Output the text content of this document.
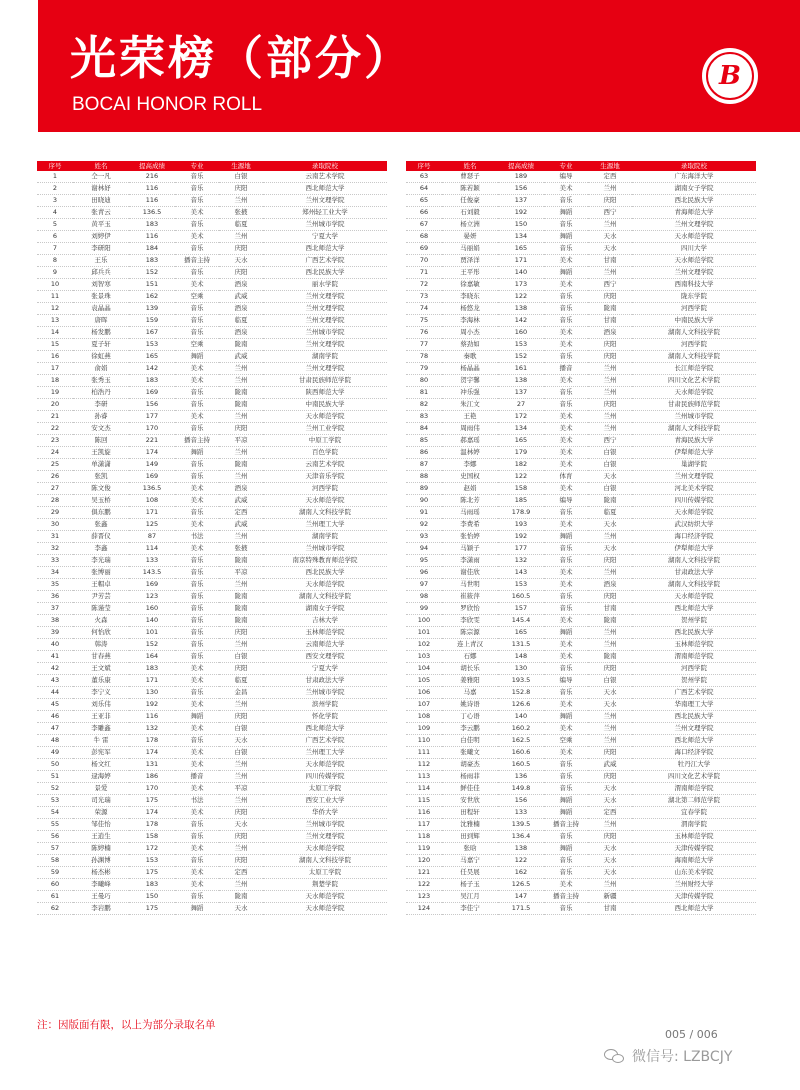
光荣榜（部分）
BOCAI HONOR ROLL
B
序号	姓名	提高成绩	专业	生源地	录取院校
1	仝一凡	216	音乐	白银	云南艺术学院
2	谢林妤	116	音乐	庆阳	西北师范大学
3	田晓迪	116	音乐	兰州	兰州文理学院
4	张青云	136.5	美术	张掖	郑州轻工业大学
5	黄平玉	183	音乐	临夏	兰州城市学院
6	刘婷伊	116	美术	兰州	宁夏大学
7	李研阳	184	音乐	庆阳	西北师范大学
8	王乐	183	播音主持	天水	广西艺术学院
9	邱兵兵	152	音乐	庆阳	西北民族大学
10	刘智寒	151	美术	酒泉	丽水学院
11	张景珠	162	空乘	武威	兰州文理学院
12	袁晶晶	139	音乐	酒泉	兰州文理学院
13	唐晖	159	音乐	临夏	兰州文理学院
14	杨发鹏	167	音乐	酒泉	兰州城市学院
15	夏子轩	153	空乘	陇南	兰州文理学院
16	徐虹燕	165	舞蹈	武威	湖南学院
17	俞娟	142	美术	兰州	兰州文理学院
18	张秀玉	183	美术	兰州	甘肃民族师范学院
19	柏浩丹	169	音乐	陇南	陕西师范大学
20	李研	156	音乐	陇南	中南民族大学
21	孙睿	177	美术	兰州	天水师范学院
22	安文杰	170	音乐	庆阳	兰州工业学院
23	陈回	221	播音主持	平凉	中原工学院
24	王凯旋	174	舞蹈	兰州	百色学院
25	单潇潇	149	音乐	陇南	云南艺术学院
26	张凯	169	音乐	兰州	天津音乐学院
27	陈文俊	136.5	美术	酒泉	河西学院
28	吴玉桥	108	美术	武威	天水师范学院
29	俱东鹏	171	音乐	定西	湖南人文科技学院
30	张鑫	125	美术	武威	兰州理工大学
31	薛晋仪	87	书法	兰州	湖南学院
32	李鑫	114	美术	张掖	兰州城市学院
33	李光瑞	133	音乐	陇南	南京特殊教育师范学院
34	张博丽	143.5	音乐	平凉	西北民族大学
35	王帽卓	169	音乐	兰州	天水师范学院
36	尹芳芸	123	音乐	陇南	湖南人文科技学院
37	陈谨莹	160	音乐	陇南	湖南女子学院
38	火森	140	音乐	陇南	吉林大学
39	何怡欣	101	音乐	庆阳	玉林师范学院
40	韩涛	152	音乐	兰州	云南师范大学
41	甘春燕	164	音乐	白银	西安文理学院
42	王文斌	183	美术	庆阳	宁夏大学
43	董乐康	171	美术	临夏	甘肃政法大学
44	李宁义	130	音乐	金昌	兰州城市学院
45	刘乐伟	192	美术	兰州	滨州学院
46	王亚非	116	舞蹈	庆阳	怀化学院
47	李雕鑫	132	美术	白银	西北师范大学
48	牛 雷	178	音乐	天水	广西艺术学院
49	彭宪军	174	美术	白银	兰州理工大学
50	杨文红	131	美术	兰州	天水师范学院
51	逯海婷	186	播音	兰州	四川传媒学院
52	景爱	170	美术	平凉	太原工学院
53	司光瑞	175	书法	兰州	西安工业大学
54	荣源	174	美术	庆阳	华侨大学
55	邹佳怡	178	音乐	天水	兰州城市学院
56	王逍生	158	音乐	庆阳	兰州文理学院
57	陈婷楠	172	美术	兰州	天水师范学院
58	孙渊博	153	音乐	庆阳	湖南人文科技学院
59	杨杰彬	175	美术	定西	太原工学院
60	李曦峰	183	美术	兰州	荆楚学院
61	王曼巧	150	音乐	陇南	天水师范学院
62	李岩鹏	175	舞蹈	天水	天水师范学院
序号	姓名	提高成绩	专业	生源地	录取院校
63	曹瑟子	189	编导	定西	广东海洋大学
64	陈若颖	156	美术	兰州	湖南女子学院
65	任俊豪	137	音乐	庆阳	西北民族大学
66	石刘毅	192	舞蹈	西宁	青海师范大学
67	杨立洲	150	音乐	兰州	兰州文理学院
68	晏妍	134	舞蹈	天水	天水师范学院
69	马丽娟	165	音乐	天水	四川大学
70	贾泽洋	171	美术	甘南	天水师范学院
71	王平彤	140	舞蹈	兰州	兰州文理学院
72	徐嘉敏	173	美术	西宁	西南科技大学
73	李晓东	122	音乐	庆阳	陇东学院
74	杨悠龙	138	音乐	陇南	河西学院
75	李海林	142	音乐	甘南	中南民族大学
76	周小杰	160	美术	酒泉	湖南人文科技学院
77	蔡劲如	153	美术	庆阳	河西学院
78	秦歌	152	音乐	庆阳	湖南人文科技学院
79	杨晶晶	161	播音	兰州	长江师范学院
80	贺宇馨	138	美术	兰州	四川文化艺术学院
81	冲乐强	137	音乐	兰州	天水师范学院
82	朱江文	27	音乐	庆阳	甘肃民族师范学院
83	王艳	172	美术	兰州	兰州城市学院
84	周雨伟	134	美术	兰州	湖南人文科技学院
85	郝嘉瑶	165	美术	西宁	青海民族大学
86	温林婷	179	美术	白银	伊犁师范大学
87	李娜	182	美术	白银	巢湖学院
88	史国权	122	体育	天水	兰州文理学院
89	赵娟	158	美术	白银	河北美术学院
90	陈北芳	185	编导	陇南	四川传媒学院
91	马雨瑶	178.9	音乐	临夏	天水师范学院
92	李费希	193	美术	天水	武汉纺织大学
93	张怡婷	192	舞蹈	兰州	海口经济学院
94	马颖子	177	音乐	天水	伊犁师范大学
95	李潇雨	132	音乐	庆阳	湖南人文科技学院
96	谢佳欣	143	美术	兰州	甘肃政法大学
97	马世明	153	美术	酒泉	湖南人文科技学院
98	崔筱萍	160.5	音乐	庆阳	天水师范学院
99	罗欣怡	157	音乐	甘南	西北师范大学
100	李欣雯	145.4	美术	陇南	贺州学院
101	陈宗源	165	舞蹈	兰州	西北民族大学
102	连上青汉	131.5	美术	兰州	玉林师范学院
103	石娜	148	美术	陇南	渭南师范学院
104	胡长乐	130	音乐	庆阳	河西学院
105	姜雅阳	193.5	编导	白银	贺州学院
106	马嘉	152.8	音乐	天水	广西艺术学院
107	姚诗语	126.6	美术	天水	华南理工大学
108	丁心语	140	舞蹈	兰州	西北民族大学
109	李云鹏	160.2	美术	兰州	兰州文理学院
110	白佳明	162.5	空乘	兰州	西北师范大学
111	张曦文	160.6	美术	庆阳	海口经济学院
112	胡豪杰	160.5	音乐	武威	牡丹江大学
113	杨雨菲	136	音乐	庆阳	四川文化艺术学院
114	鲜佳佳	149.8	音乐	天水	渭南师范学院
115	安世欣	156	舞蹈	天水	湖北第二师范学院
116	田程轩	133	舞蹈	定西	宜春学院
117	沈雅楠	139.5	播音主持	兰州	渭南学院
118	田到辉	136.4	音乐	庆阳	玉林师范学院
119	张晗	138	舞蹈	天水	天津传媒学院
120	马嘉宁	122	音乐	天水	海南师范大学
121	任昊展	162	音乐	天水	山东美术学院
122	杨子玉	126.5	美术	兰州	兰州财经大学
123	吴江月	147	播音主持	新疆	天津传媒学院
124	李佳宁	171.5	音乐	甘南	西北师范大学
注：因版面有限，以上为部分录取名单
005 / 006
微信号: LZBCJY
